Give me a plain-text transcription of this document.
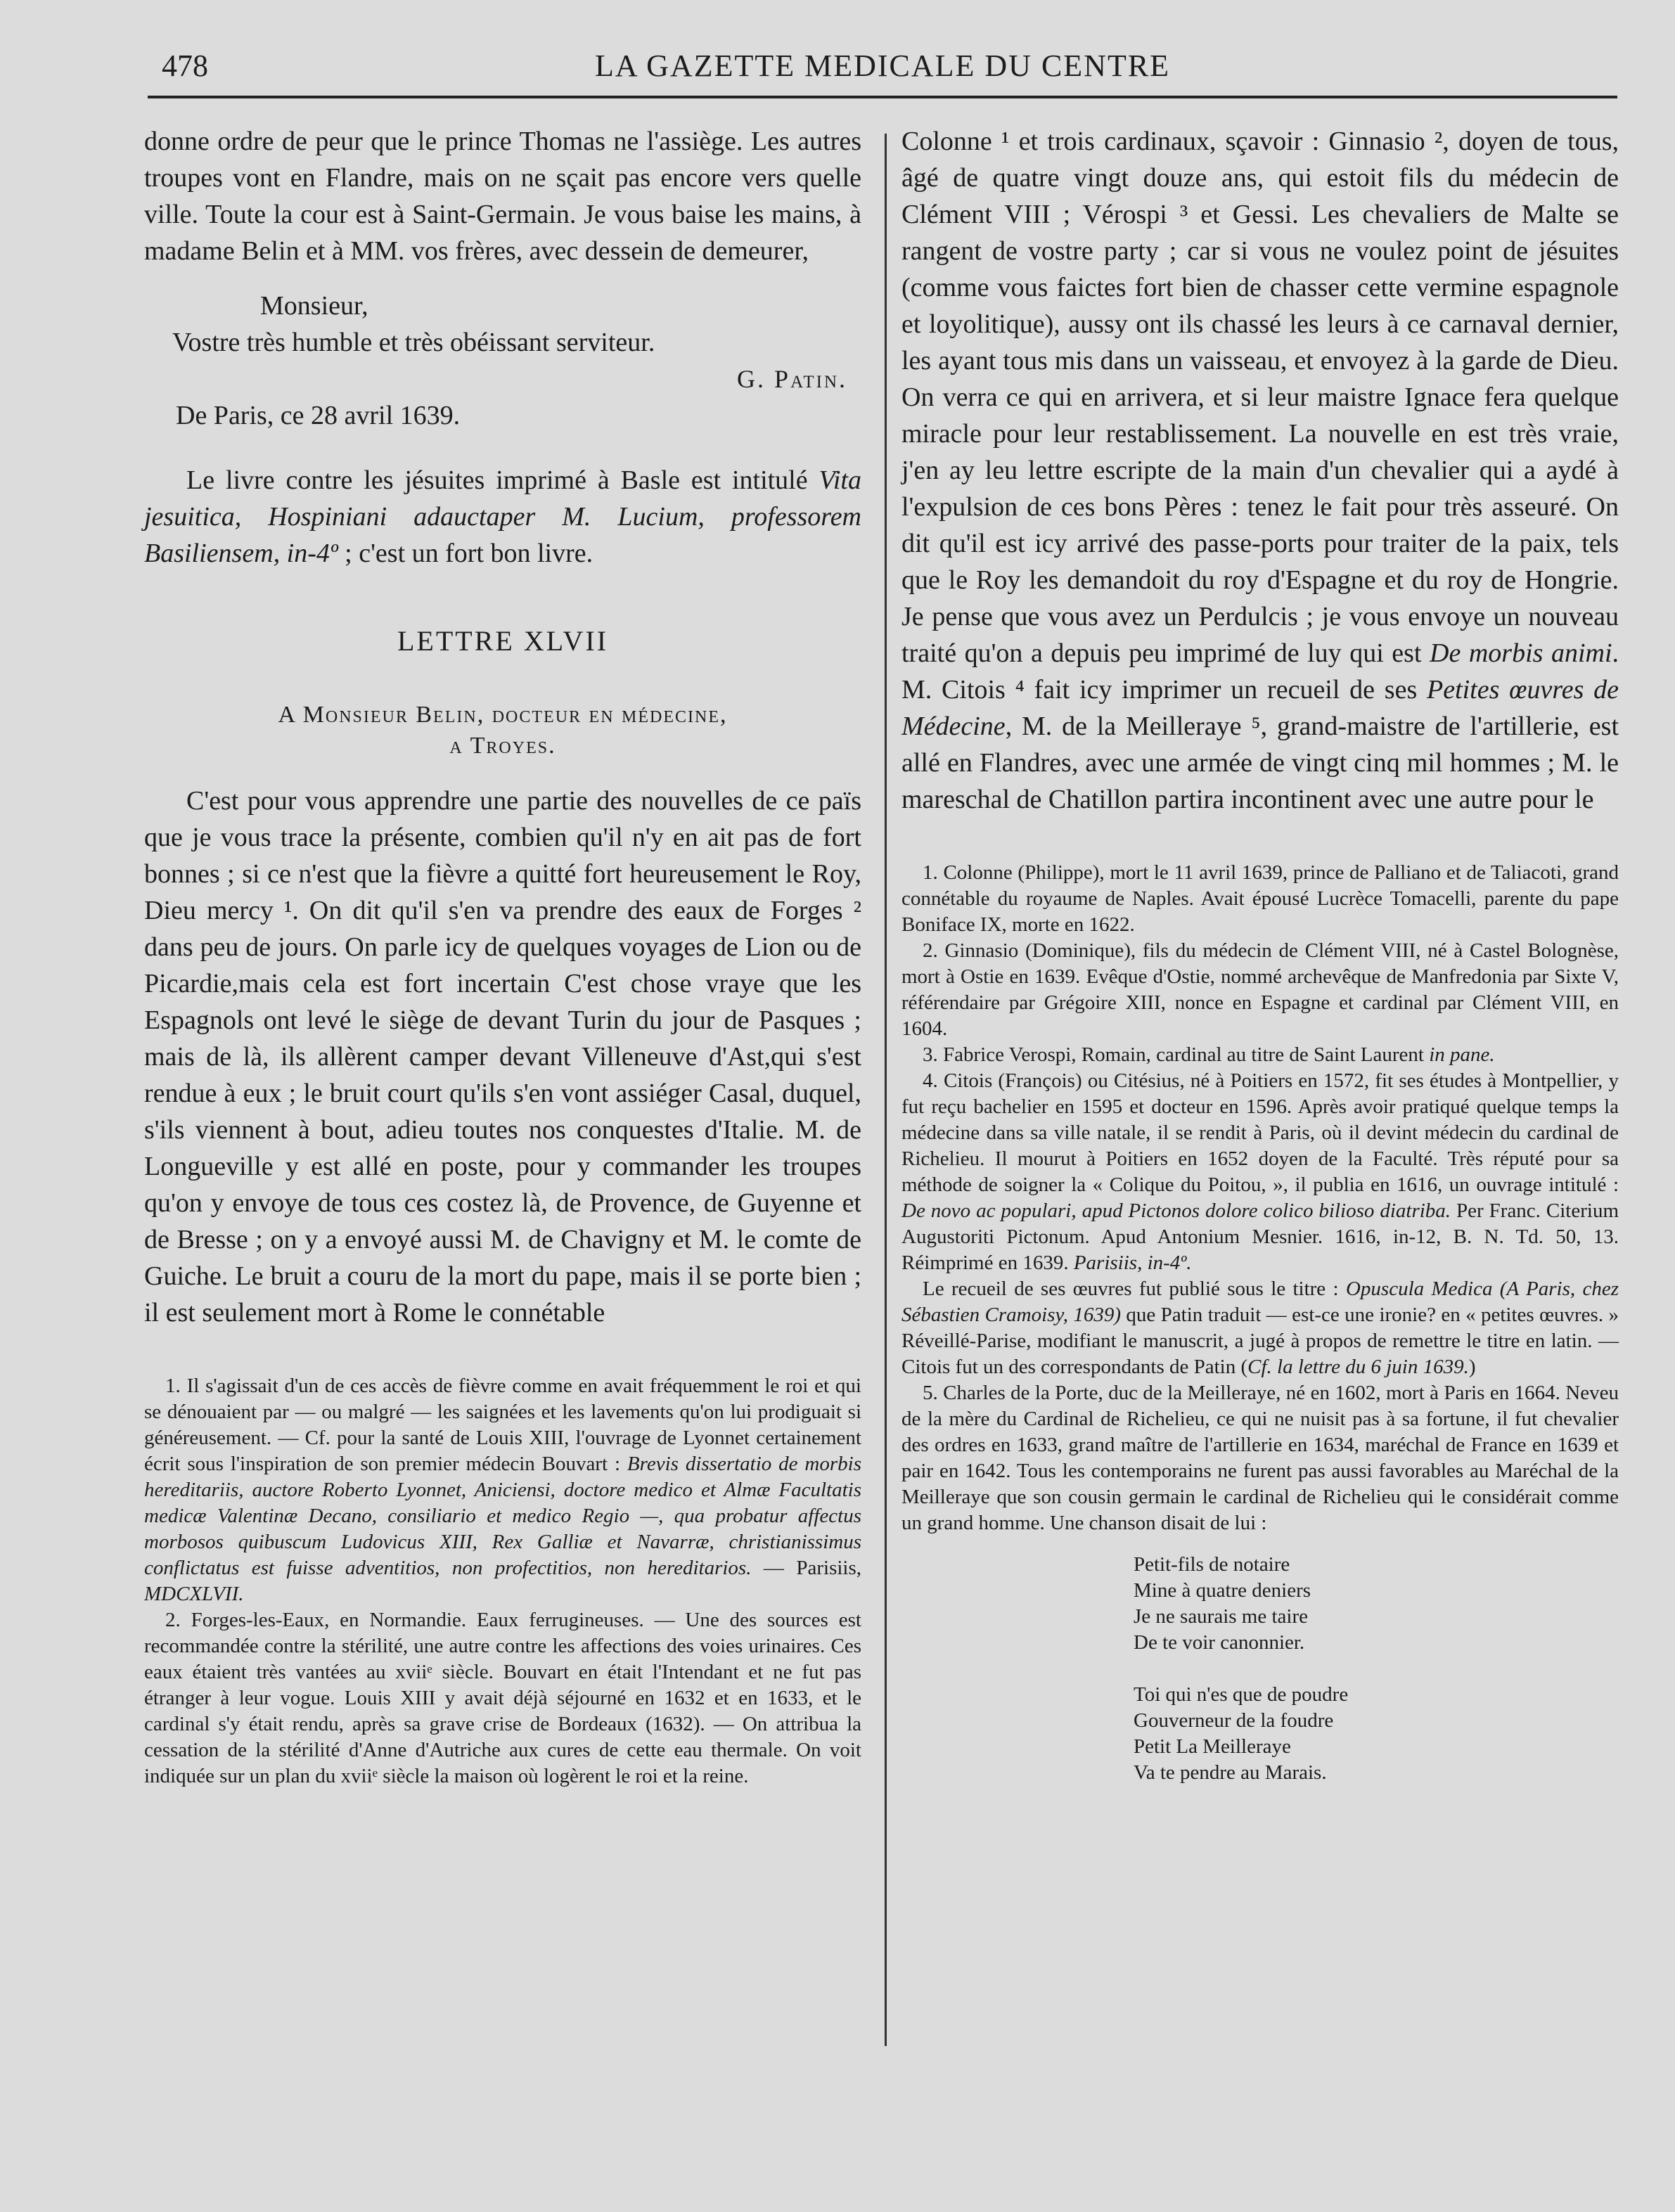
478	LA GAZETTE MEDICALE DU CENTRE

donne ordre de peur que le prince Thomas ne l'assiège. Les autres troupes vont en Flandre, mais on ne sçait pas encore vers quelle ville. Toute la cour est à Saint-Germain. Je vous baise les mains, à madame Belin et à MM. vos frères, avec dessein de demeurer,

Monsieur,
Vostre très humble et très obéissant serviteur.
G. Patin.
De Paris, ce 28 avril 1639.

Le livre contre les jésuites imprimé à Basle est intitulé Vita jesuitica, Hospiniani adauctaper M. Lucium, professorem Basiliensem, in-4º ; c'est un fort bon livre.

LETTRE XLVII
A Monsieur Belin, docteur en médecine,
a Troyes.

C'est pour vous apprendre une partie des nouvelles de ce païs que je vous trace la présente, combien qu'il n'y en ait pas de fort bonnes ; si ce n'est que la fièvre a quitté fort heureusement le Roy, Dieu mercy ¹. On dit qu'il s'en va prendre des eaux de Forges ² dans peu de jours. On parle icy de quelques voyages de Lion ou de Picardie,mais cela est fort incertain C'est chose vraye que les Espagnols ont levé le siège de devant Turin du jour de Pasques ; mais de là, ils allèrent camper devant Villeneuve d'Ast,qui s'est rendue à eux ; le bruit court qu'ils s'en vont assiéger Casal, duquel, s'ils viennent à bout, adieu toutes nos conquestes d'Italie. M. de Longueville y est allé en poste, pour y commander les troupes qu'on y envoye de tous ces costez là, de Provence, de Guyenne et de Bresse ; on y a envoyé aussi M. de Chavigny et M. le comte de Guiche. Le bruit a couru de la mort du pape, mais il se porte bien ; il est seulement mort à Rome le connétable

1. Il s'agissait d'un de ces accès de fièvre comme en avait fréquemment le roi et qui se dénouaient par — ou malgré — les saignées et les lavements qu'on lui prodiguait si généreusement. — Cf. pour la santé de Louis XIII, l'ouvrage de Lyonnet certainement écrit sous l'inspiration de son premier médecin Bouvart : Brevis dissertatio de morbis hereditariis, auctore Roberto Lyonnet, Aniciensi, doctore medico et Almæ Facultatis medicæ Valentinæ Decano, consiliario et medico Regio —, qua probatur affectus morbosos quibuscum Ludovicus XIII, Rex Galliæ et Navarræ, christianissimus conflictatus est fuisse adventitios, non profectitios, non hereditarios. — Parisiis, MDCXLVII.

2. Forges-les-Eaux, en Normandie. Eaux ferrugineuses. — Une des sources est recommandée contre la stérilité, une autre contre les affections des voies urinaires. Ces eaux étaient très vantées au xviiᵉ siècle. Bouvart en était l'Intendant et ne fut pas étranger à leur vogue. Louis XIII y avait déjà séjourné en 1632 et en 1633, et le cardinal s'y était rendu, après sa grave crise de Bordeaux (1632). — On attribua la cessation de la stérilité d'Anne d'Autriche aux cures de cette eau thermale. On voit indiquée sur un plan du xviiᵉ siècle la maison où logèrent le roi et la reine.

Colonne ¹ et trois cardinaux, sçavoir : Ginnasio ², doyen de tous, âgé de quatre vingt douze ans, qui estoit fils du médecin de Clément VIII ; Vérospi ³ et Gessi. Les chevaliers de Malte se rangent de vostre party ; car si vous ne voulez point de jésuites (comme vous faictes fort bien de chasser cette vermine espagnole et loyolitique), aussy ont ils chassé les leurs à ce carnaval dernier, les ayant tous mis dans un vaisseau, et envoyez à la garde de Dieu. On verra ce qui en arrivera, et si leur maistre Ignace fera quelque miracle pour leur restablissement. La nouvelle en est très vraie, j'en ay leu lettre escripte de la main d'un chevalier qui a aydé à l'expulsion de ces bons Pères : tenez le fait pour très asseuré. On dit qu'il est icy arrivé des passe-ports pour traiter de la paix, tels que le Roy les demandoit du roy d'Espagne et du roy de Hongrie. Je pense que vous avez un Perdulcis ; je vous envoye un nouveau traité qu'on a depuis peu imprimé de luy qui est De morbis animi. M. Citois ⁴ fait icy imprimer un recueil de ses Petites œuvres de Médecine, M. de la Meilleraye ⁵, grand-maistre de l'artillerie, est allé en Flandres, avec une armée de vingt cinq mil hommes ; M. le mareschal de Chatillon partira incontinent avec une autre pour le

1. Colonne (Philippe), mort le 11 avril 1639, prince de Palliano et de Taliacoti, grand connétable du royaume de Naples. Avait épousé Lucrèce Tomacelli, parente du pape Boniface IX, morte en 1622.

2. Ginnasio (Dominique), fils du médecin de Clément VIII, né à Castel Bolognèse, mort à Ostie en 1639. Evêque d'Ostie, nommé archevêque de Manfredonia par Sixte V, référendaire par Grégoire XIII, nonce en Espagne et cardinal par Clément VIII, en 1604.

3. Fabrice Verospi, Romain, cardinal au titre de Saint Laurent in pane.

4. Citois (François) ou Citésius, né à Poitiers en 1572, fit ses études à Montpellier, y fut reçu bachelier en 1595 et docteur en 1596. Après avoir pratiqué quelque temps la médecine dans sa ville natale, il se rendit à Paris, où il devint médecin du cardinal de Richelieu. Il mourut à Poitiers en 1652 doyen de la Faculté. Très réputé pour sa méthode de soigner la « Colique du Poitou, », il publia en 1616, un ouvrage intitulé : De novo ac populari, apud Pictonos dolore colico bilioso diatriba. Per Franc. Citerium Augustoriti Pictonum. Apud Antonium Mesnier. 1616, in-12, B. N. Td. 50, 13. Réimprimé en 1639. Parisiis, in-4º.

Le recueil de ses œuvres fut publié sous le titre : Opuscula Medica (A Paris, chez Sébastien Cramoisy, 1639) que Patin traduit — est-ce une ironie? en « petites œuvres. » Réveillé-Parise, modifiant le manuscrit, a jugé à propos de remettre le titre en latin. — Citois fut un des correspondants de Patin (Cf. la lettre du 6 juin 1639.)

5. Charles de la Porte, duc de la Meilleraye, né en 1602, mort à Paris en 1664. Neveu de la mère du Cardinal de Richelieu, ce qui ne nuisit pas à sa fortune, il fut chevalier des ordres en 1633, grand maître de l'artillerie en 1634, maréchal de France en 1639 et pair en 1642. Tous les contemporains ne furent pas aussi favorables au Maréchal de la Meilleraye que son cousin germain le cardinal de Richelieu qui le considérait comme un grand homme. Une chanson disait de lui :

Petit-fils de notaire
Mine à quatre deniers
Je ne saurais me taire
De te voir canonnier.
Toi qui n'es que de poudre
Gouverneur de la foudre
Petit La Meilleraye
Va te pendre au Marais.
